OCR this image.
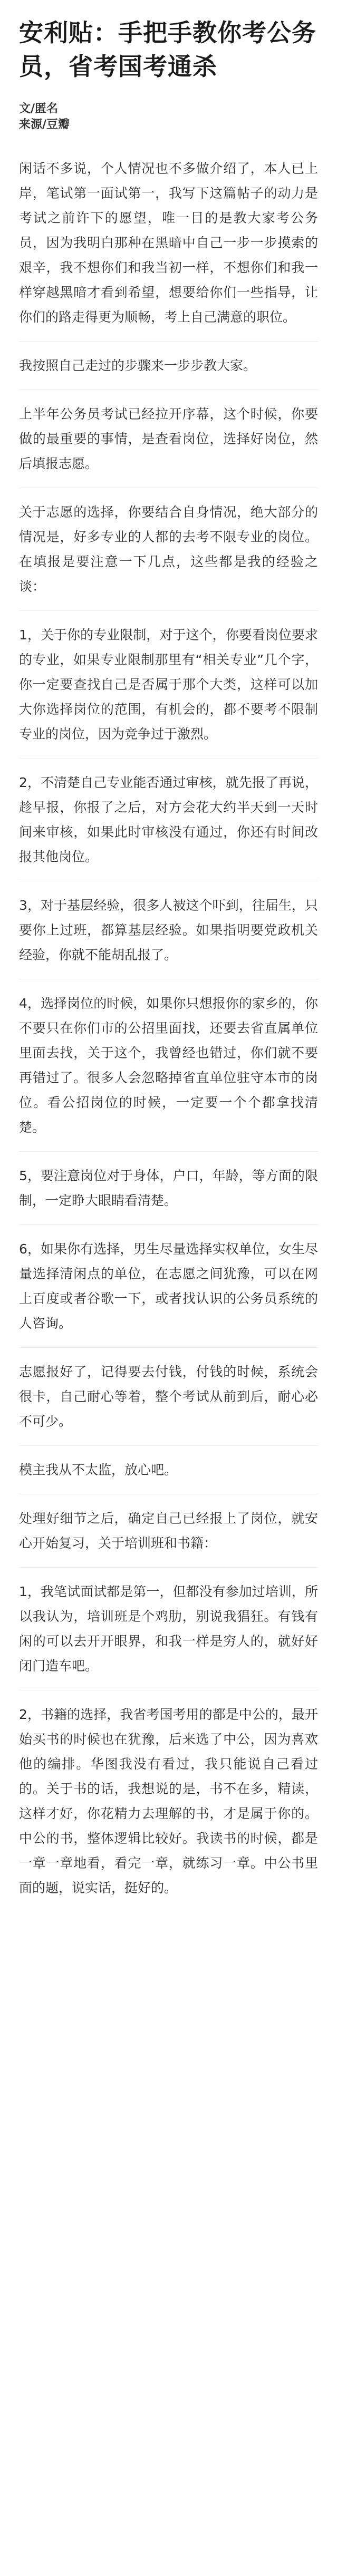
安利贴：手把手教你考公务员，省考国考通杀

文/匿名

来源/豆瓣

闲话不多说，个人情况也不多做介绍了，本人已上岸，笔试第一面试第一，我写下这篇帖子的动力是考试之前许下的愿望，唯一目的是教大家考公务员，因为我明白那种在黑暗中自己一步一步摸索的艰辛，我不想你们和我当初一样，不想你们和我一样穿越黑暗才看到希望，想要给你们一些指导，让你们的路走得更为顺畅，考上自己满意的职位。

我按照自己走过的步骤来一步步教大家。

上半年公务员考试已经拉开序幕，这个时候，你要做的最重要的事情，是查看岗位，选择好岗位，然后填报志愿。

关于志愿的选择，你要结合自身情况，绝大部分的情况是，好多专业的人都的去考不限专业的岗位。在填报是要注意一下几点，这些都是我的经验之谈：

1，关于你的专业限制，对于这个，你要看岗位要求的专业，如果专业限制那里有“相关专业”几个字，你一定要查找自己是否属于那个大类，这样可以加大你选择岗位的范围，有机会的，都不要考不限制专业的岗位，因为竞争过于激烈。

2，不清楚自己专业能否通过审核，就先报了再说，趁早报，你报了之后，对方会花大约半天到一天时间来审核，如果此时审核没有通过，你还有时间改报其他岗位。

3，对于基层经验，很多人被这个吓到，往届生，只要你上过班，都算基层经验。如果指明要党政机关经验，你就不能胡乱报了。

4，选择岗位的时候，如果你只想报你的家乡的，你不要只在你们市的公招里面找，还要去省直属单位里面去找，关于这个，我曾经也错过，你们就不要再错过了。很多人会忽略掉省直单位驻守本市的岗位。看公招岗位的时候，一定要一个个都拿找清楚。

5，要注意岗位对于身体，户口，年龄，等方面的限制，一定睁大眼睛看清楚。

6，如果你有选择，男生尽量选择实权单位，女生尽量选择清闲点的单位，在志愿之间犹豫，可以在网上百度或者谷歌一下，或者找认识的公务员系统的人咨询。

志愿报好了，记得要去付钱，付钱的时候，系统会很卡，自己耐心等着，整个考试从前到后，耐心必不可少。

模主我从不太监，放心吧。

处理好细节之后，确定自己已经报上了岗位，就安心开始复习，关于培训班和书籍：

1，我笔试面试都是第一，但都没有参加过培训，所以我认为，培训班是个鸡肋，别说我猖狂。有钱有闲的可以去开开眼界，和我一样是穷人的，就好好闭门造车吧。

2，书籍的选择，我省考国考用的都是中公的，最开始买书的时候也在犹豫，后来选了中公，因为喜欢他的编排。华图我没有看过，我只能说自己看过的。关于书的话，我想说的是，书不在多，精读，这样才好，你花精力去理解的书，才是属于你的。中公的书，整体逻辑比较好。我读书的时候，都是一章一章地看，看完一章，就练习一章。中公书里面的题，说实话，挺好的。
